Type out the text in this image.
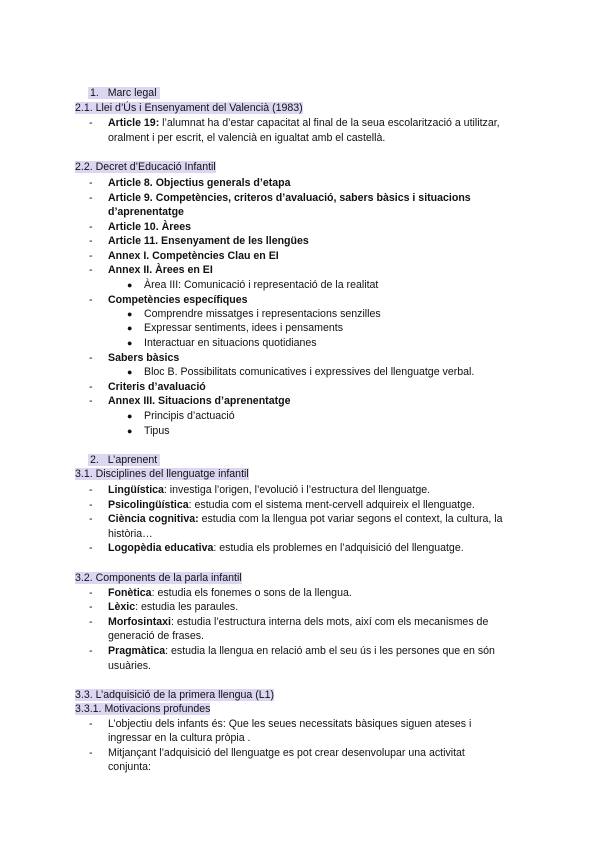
1. Marc legal
2.1. Llei d’Ús i Ensenyament del Valencià (1983)
- Article 19: l’alumnat ha d’estar capacitat al final de la seua escolarització a utilitzar,
oralment i per escrit, el valencià en igualtat amb el castellà.
2.2. Decret d’Educació Infantil
- Article 8. Objectius generals d’etapa
- Article 9. Competències, criteros d’avaluació, sabers bàsics i situacions
d’aprenentatge
- Article 10. Àrees
- Article 11. Ensenyament de les llengües
- Annex I. Competències Clau en EI
- Annex II. Àrees en EI
● Àrea III: Comunicació i representació de la realitat
- Competències específiques
● Comprendre missatges i representacions senzilles
● Expressar sentiments, idees i pensaments
● Interactuar en situacions quotidianes
- Sabers bàsics
● Bloc B. Possibilitats comunicatives i expressives del llenguatge verbal.
- Criteris d’avaluació
- Annex III. Situacions d’aprenentatge
● Principis d’actuació
● Tipus
2. L’aprenent
3.1. Disciplines del llenguatge infantil
- Lingüística: investiga l’origen, l’evolució i l’estructura del llenguatge.
- Psicolingüística: estudia com el sistema ment-cervell adquireix el llenguatge.
- Ciència cognitiva: estudia com la llengua pot variar segons el context, la cultura, la
història…
- Logopèdia educativa: estudia els problemes en l’adquisició del llenguatge.
3.2. Components de la parla infantil
- Fonètica: estudia els fonemes o sons de la llengua.
- Lèxic: estudia les paraules.
- Morfosintaxi: estudia l’estructura interna dels mots, així com els mecanismes de
generació de frases.
- Pragmàtica: estudia la llengua en relació amb el seu ús i les persones que en són
usuàries.
3.3. L’adquisició de la primera llengua (L1)
3.3.1. Motivacions profundes
- L’objectiu dels infants és: Que les seues necessitats bàsiques siguen ateses i
ingressar en la cultura pròpia .
- Mitjançant l’adquisició del llenguatge es pot crear desenvolupar una activitat
conjunta:
